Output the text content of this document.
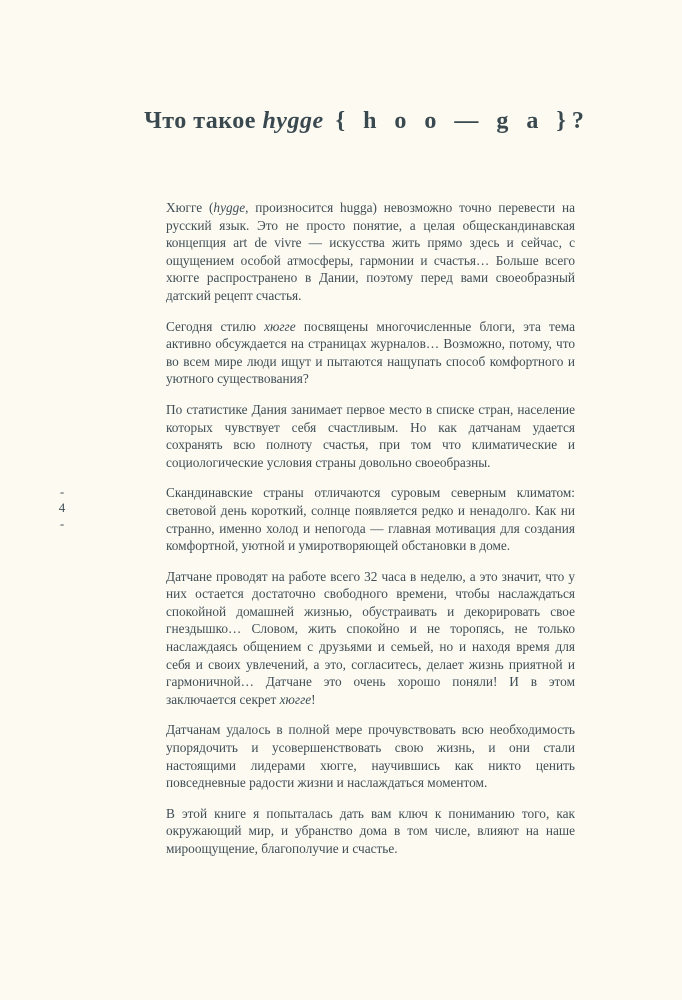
Что такое hygge { h o o — g a }?

Хюгге (hygge, произносится hugga) невозможно точно перевести на русский язык. Это не просто понятие, а целая общескандинавская концепция art de vivre — искусства жить прямо здесь и сейчас, с ощущением особой атмосферы, гармонии и счастья… Больше всего хюгге распространено в Дании, поэтому перед вами своеобразный датский рецепт счастья.

Сегодня стилю хюгге посвящены многочисленные блоги, эта тема активно обсуждается на страницах журналов… Возможно, потому, что во всем мире люди ищут и пытаются нащупать способ комфортного и уютного существования?

По статистике Дания занимает первое место в списке стран, население которых чувствует себя счастливым. Но как датчанам удается сохранять всю полноту счастья, при том что климатические и социологические условия страны довольно своеобразны.

Скандинавские страны отличаются суровым северным климатом: световой день короткий, солнце появляется редко и ненадолго. Как ни странно, именно холод и непогода — главная мотивация для создания комфортной, уютной и умиротворяющей обстановки в доме.

Датчане проводят на работе всего 32 часа в неделю, а это значит, что у них остается достаточно свободного времени, чтобы наслаждаться спокойной домашней жизнью, обустраивать и декорировать свое гнездышко… Словом, жить спокойно и не торопясь, не только наслаждаясь общением с друзьями и семьей, но и находя время для себя и своих увлечений, а это, согласитесь, делает жизнь приятной и гармоничной… Датчане это очень хорошо поняли! И в этом заключается секрет хюгге!

Датчанам удалось в полной мере прочувствовать всю необходимость упорядочить и усовершенствовать свою жизнь, и они стали настоящими лидерами хюгге, научившись как никто ценить повседневные радости жизни и наслаждаться моментом.

В этой книге я попыталась дать вам ключ к пониманию того, как окружающий мир, и убранство дома в том числе, влияют на наше мироощущение, благополучие и счастье.

-
4
-
